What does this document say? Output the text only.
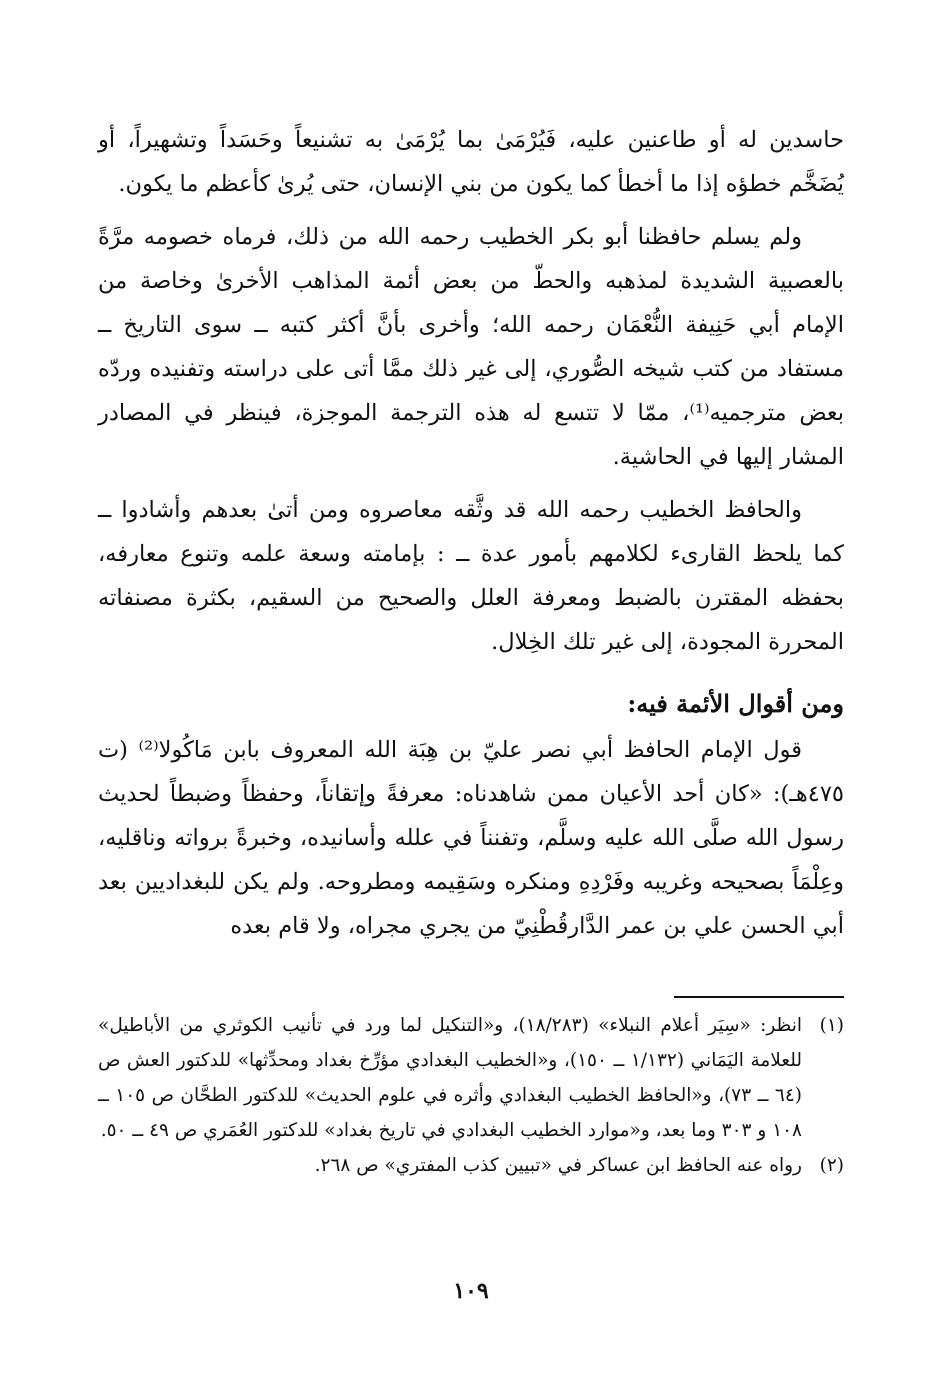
حاسدين له أو طاعنين عليه، فَيُرْمَىٰ بما يُرْمَىٰ به تشنيعاً وحَسَداً وتشهيراً، أو يُضَخَّم خطؤه إذا ما أخطأ كما يكون من بني الإنسان، حتى يُرىٰ كأعظم ما يكون.

ولم يسلم حافظنا أبو بكر الخطيب رحمه الله من ذلك، فرماه خصومه مرَّةً بالعصبية الشديدة لمذهبه والحطّ من بعض أئمة المذاهب الأخرىٰ وخاصة من الإمام أبي حَنِيفة النُّعْمَان رحمه الله؛ وأخرى بأنَّ أكثر كتبه ــ سوى التاريخ ــ مستفاد من كتب شيخه الصُّوري، إلى غير ذلك ممَّا أتى على دراسته وتفنيده وردّه بعض مترجميه⁽¹⁾، ممّا لا تتسع له هذه الترجمة الموجزة، فينظر في المصادر المشار إليها في الحاشية.

والحافظ الخطيب رحمه الله قد وثَّقه معاصروه ومن أتىٰ بعدهم وأشادوا ــ كما يلحظ القارىء لكلامهم بأمور عدة ــ : بإمامته وسعة علمه وتنوع معارفه، بحفظه المقترن بالضبط ومعرفة العلل والصحيح من السقيم، بكثرة مصنفاته المحررة المجودة، إلى غير تلك الخِلال.

ومن أقوال الأئمة فيه:

قول الإمام الحافظ أبي نصر عليّ بن هِبَة الله المعروف بابن مَاكُولا⁽²⁾ (ت ٤٧٥هـ): «كان أحد الأعيان ممن شاهدناه: معرفةً وإتقاناً، وحفظاً وضبطاً لحديث رسول الله صلَّى الله عليه وسلَّم، وتفنناً في علله وأسانيده، وخبرةً برواته وناقليه، وعِلْمَاً بصحيحه وغريبه وفَرْدِهِ ومنكره وسَقِيمه ومطروحه. ولم يكن للبغداديين بعد أبي الحسن علي بن عمر الدَّارقُطْنِيّ من يجري مجراه، ولا قام بعده

(١)
انظر: «سِيَر أعلام النبلاء» (١٨/٢٨٣)، و«التنكيل لما ورد في تأنيب الكوثري من الأباطيل» للعلامة اليَمَاني (١/١٣٢ ــ ١٥٠)، و«الخطيب البغدادي مؤرِّخ بغداد ومحدِّثها» للدكتور العش ص (٦٤ ــ ٧٣)، و«الحافظ الخطيب البغدادي وأثره في علوم الحديث» للدكتور الطحَّان ص ١٠٥ ــ ١٠٨ و ٣٠٣ وما بعد، و«موارد الخطيب البغدادي في تاريخ بغداد» للدكتور العُمَري ص ٤٩ ــ ٥٠.

(٢)
رواه عنه الحافظ ابن عساكر في «تبيين كذب المفتري» ص ٢٦٨.

١٠٩
